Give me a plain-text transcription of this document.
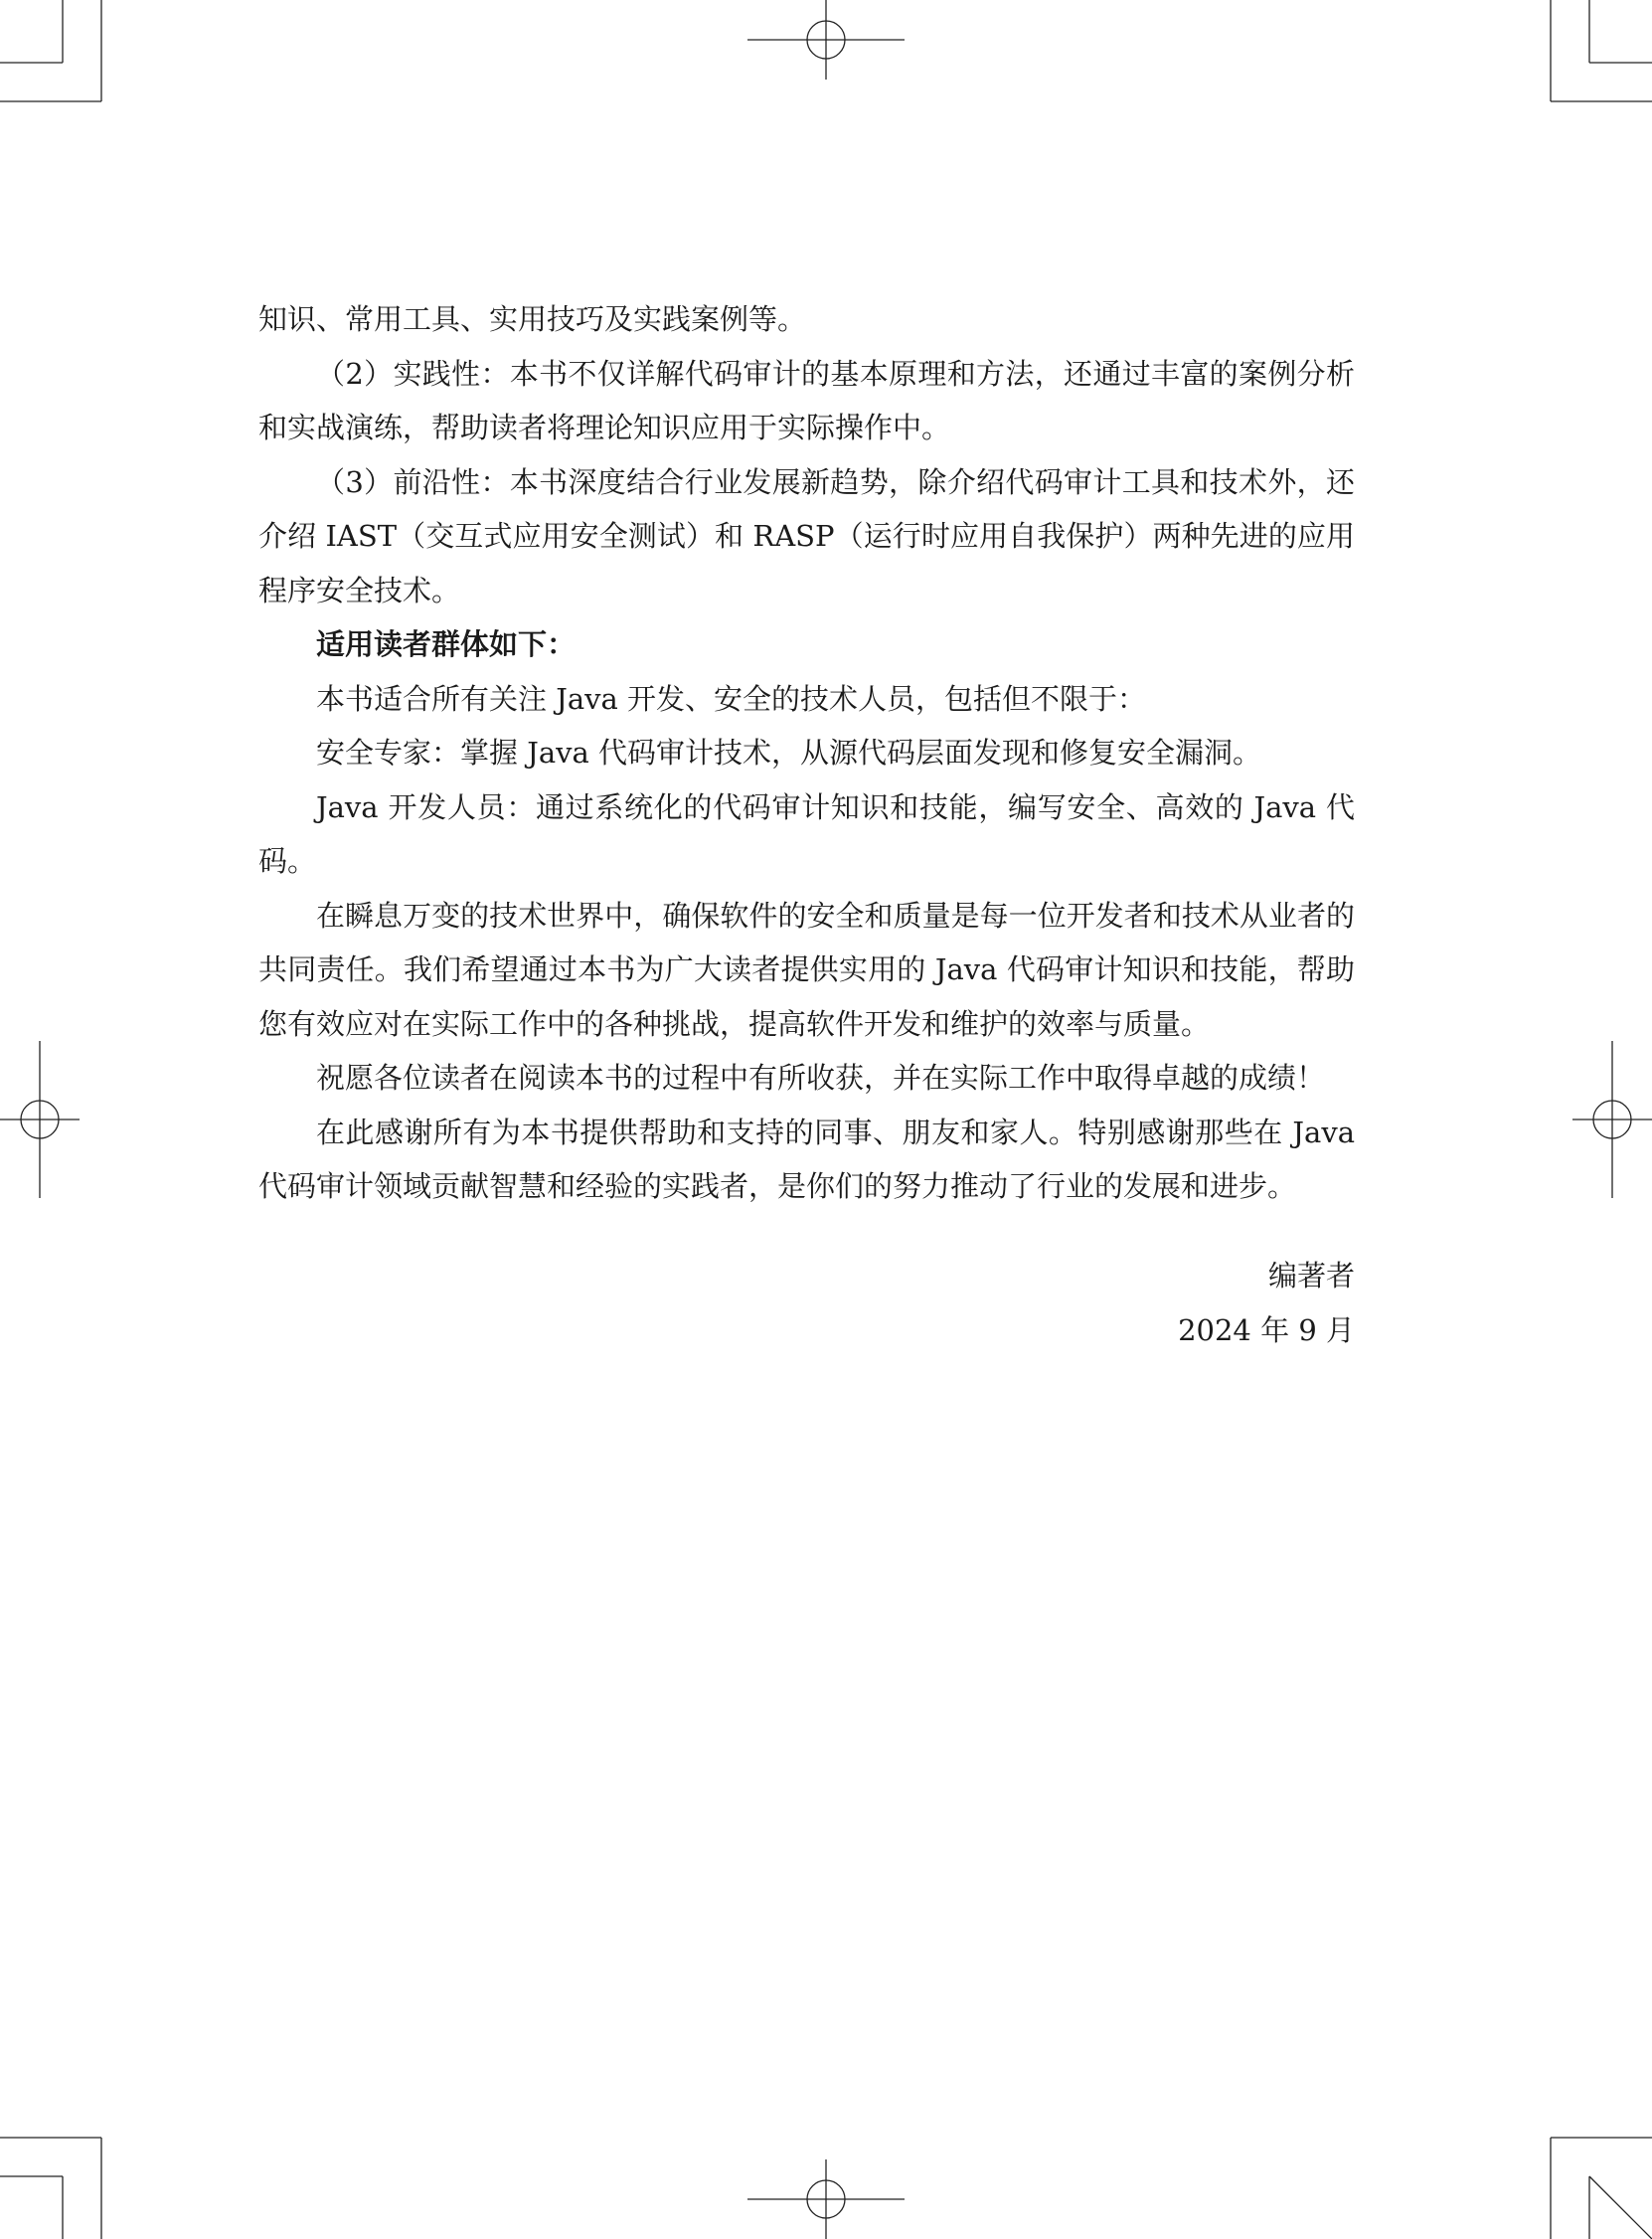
知识、常用工具、实用技巧及实践案例等。

（2）实践性：本书不仅详解代码审计的基本原理和方法，还通过丰富的案例分析和实战演练，帮助读者将理论知识应用于实际操作中。

（3）前沿性：本书深度结合行业发展新趋势，除介绍代码审计工具和技术外，还介绍 IAST（交互式应用安全测试）和 RASP（运行时应用自我保护）两种先进的应用程序安全技术。

适用读者群体如下：

本书适合所有关注 Java 开发、安全的技术人员，包括但不限于：

安全专家：掌握 Java 代码审计技术，从源代码层面发现和修复安全漏洞。

Java 开发人员：通过系统化的代码审计知识和技能，编写安全、高效的 Java 代码。

在瞬息万变的技术世界中，确保软件的安全和质量是每一位开发者和技术从业者的共同责任。我们希望通过本书为广大读者提供实用的 Java 代码审计知识和技能，帮助您有效应对在实际工作中的各种挑战，提高软件开发和维护的效率与质量。

祝愿各位读者在阅读本书的过程中有所收获，并在实际工作中取得卓越的成绩！

在此感谢所有为本书提供帮助和支持的同事、朋友和家人。特别感谢那些在 Java 代码审计领域贡献智慧和经验的实践者，是你们的努力推动了行业的发展和进步。

编著者
2024 年 9 月
